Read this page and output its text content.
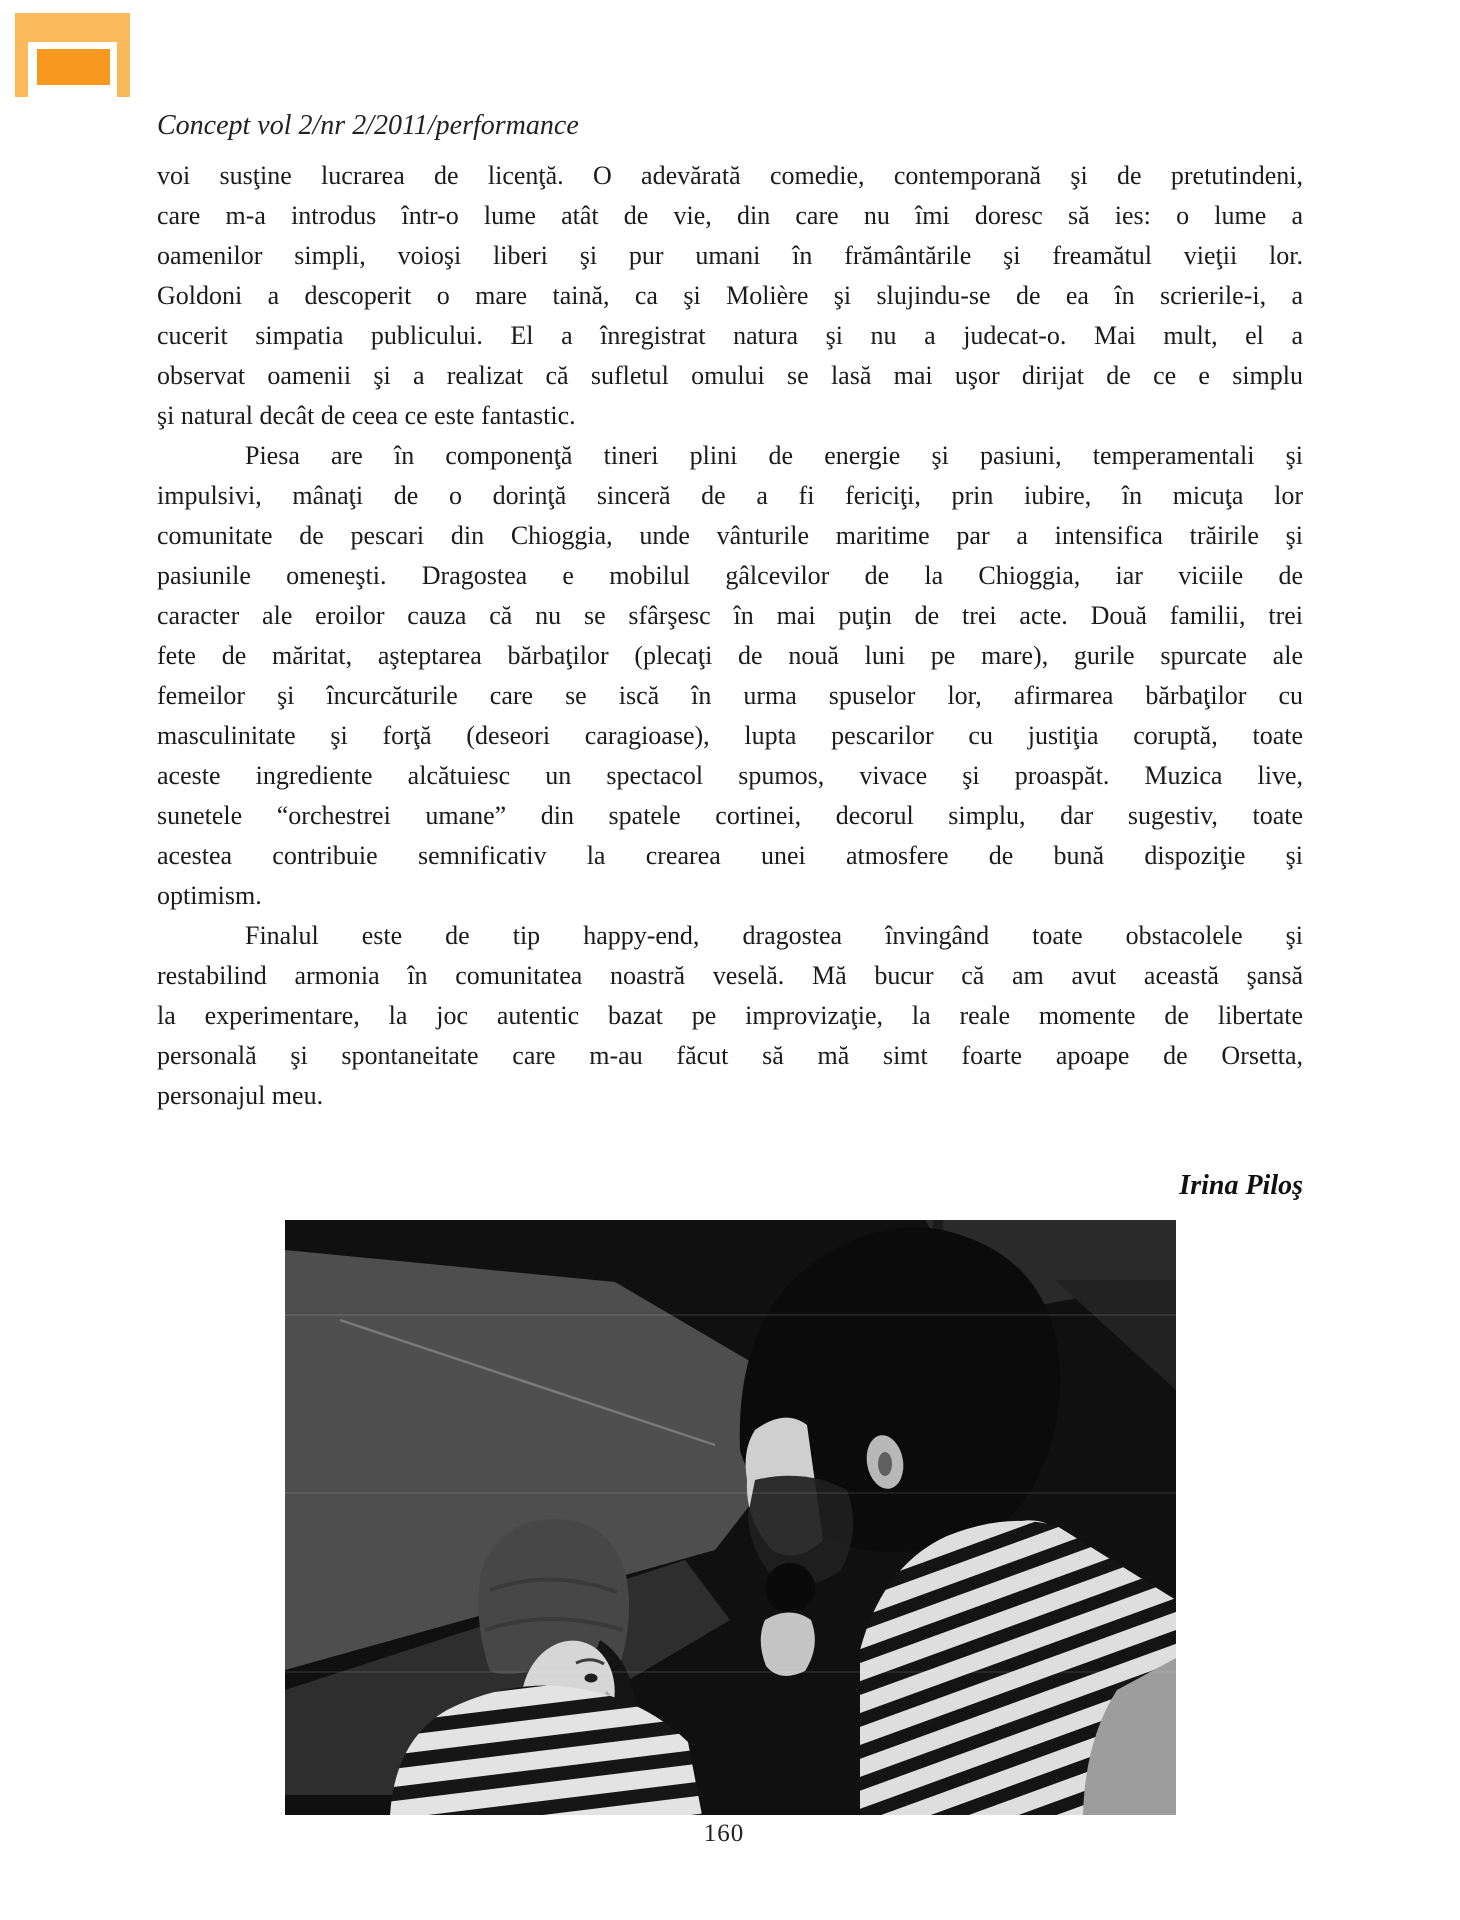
Concept vol 2/nr 2/2011/performance
voi susţine lucrarea de licenţă. O adevărată comedie, contemporană şi de pretutindeni,
care m-a introdus într-o lume atât de vie, din care nu îmi doresc să ies: o lume a
oamenilor simpli, voioşi liberi şi pur umani în frământările şi freamătul vieţii lor.
Goldoni a descoperit o mare taină, ca şi Molière şi slujindu-se de ea în scrierile-i, a
cucerit simpatia publicului. El a înregistrat natura şi nu a judecat-o. Mai mult, el a
observat oamenii şi a realizat că sufletul omului se lasă mai uşor dirijat de ce e simplu
şi natural decât de ceea ce este fantastic.
Piesa are în componenţă tineri plini de energie şi pasiuni, temperamentali şi
impulsivi, mânaţi de o dorinţă sinceră de a fi fericiţi, prin iubire, în micuţa lor
comunitate de pescari din Chioggia, unde vânturile maritime par a intensifica trăirile şi
pasiunile omeneşti. Dragostea e mobilul gâlcevilor de la Chioggia, iar viciile de
caracter ale eroilor cauza că nu se sfârşesc în mai puţin de trei acte. Două familii, trei
fete de măritat, aşteptarea bărbaţilor (plecaţi de nouă luni pe mare), gurile spurcate ale
femeilor şi încurcăturile care se iscă în urma spuselor lor, afirmarea bărbaţilor cu
masculinitate şi forţă (deseori caragioase), lupta pescarilor cu justiţia coruptă, toate
aceste ingrediente alcătuiesc un spectacol spumos, vivace şi proaspăt. Muzica live,
sunetele “orchestrei umane” din spatele cortinei, decorul simplu, dar sugestiv, toate
acestea contribuie semnificativ la crearea unei atmosfere de bună dispoziţie şi
optimism.
Finalul este de tip happy-end, dragostea învingând toate obstacolele şi
restabilind armonia în comunitatea noastră veselă. Mă bucur că am avut această şansă
la experimentare, la joc autentic bazat pe improvizaţie, la reale momente de libertate
personală şi spontaneitate care m-au făcut să mă simt foarte apoape de Orsetta,
personajul meu.
Irina Piloş
160
